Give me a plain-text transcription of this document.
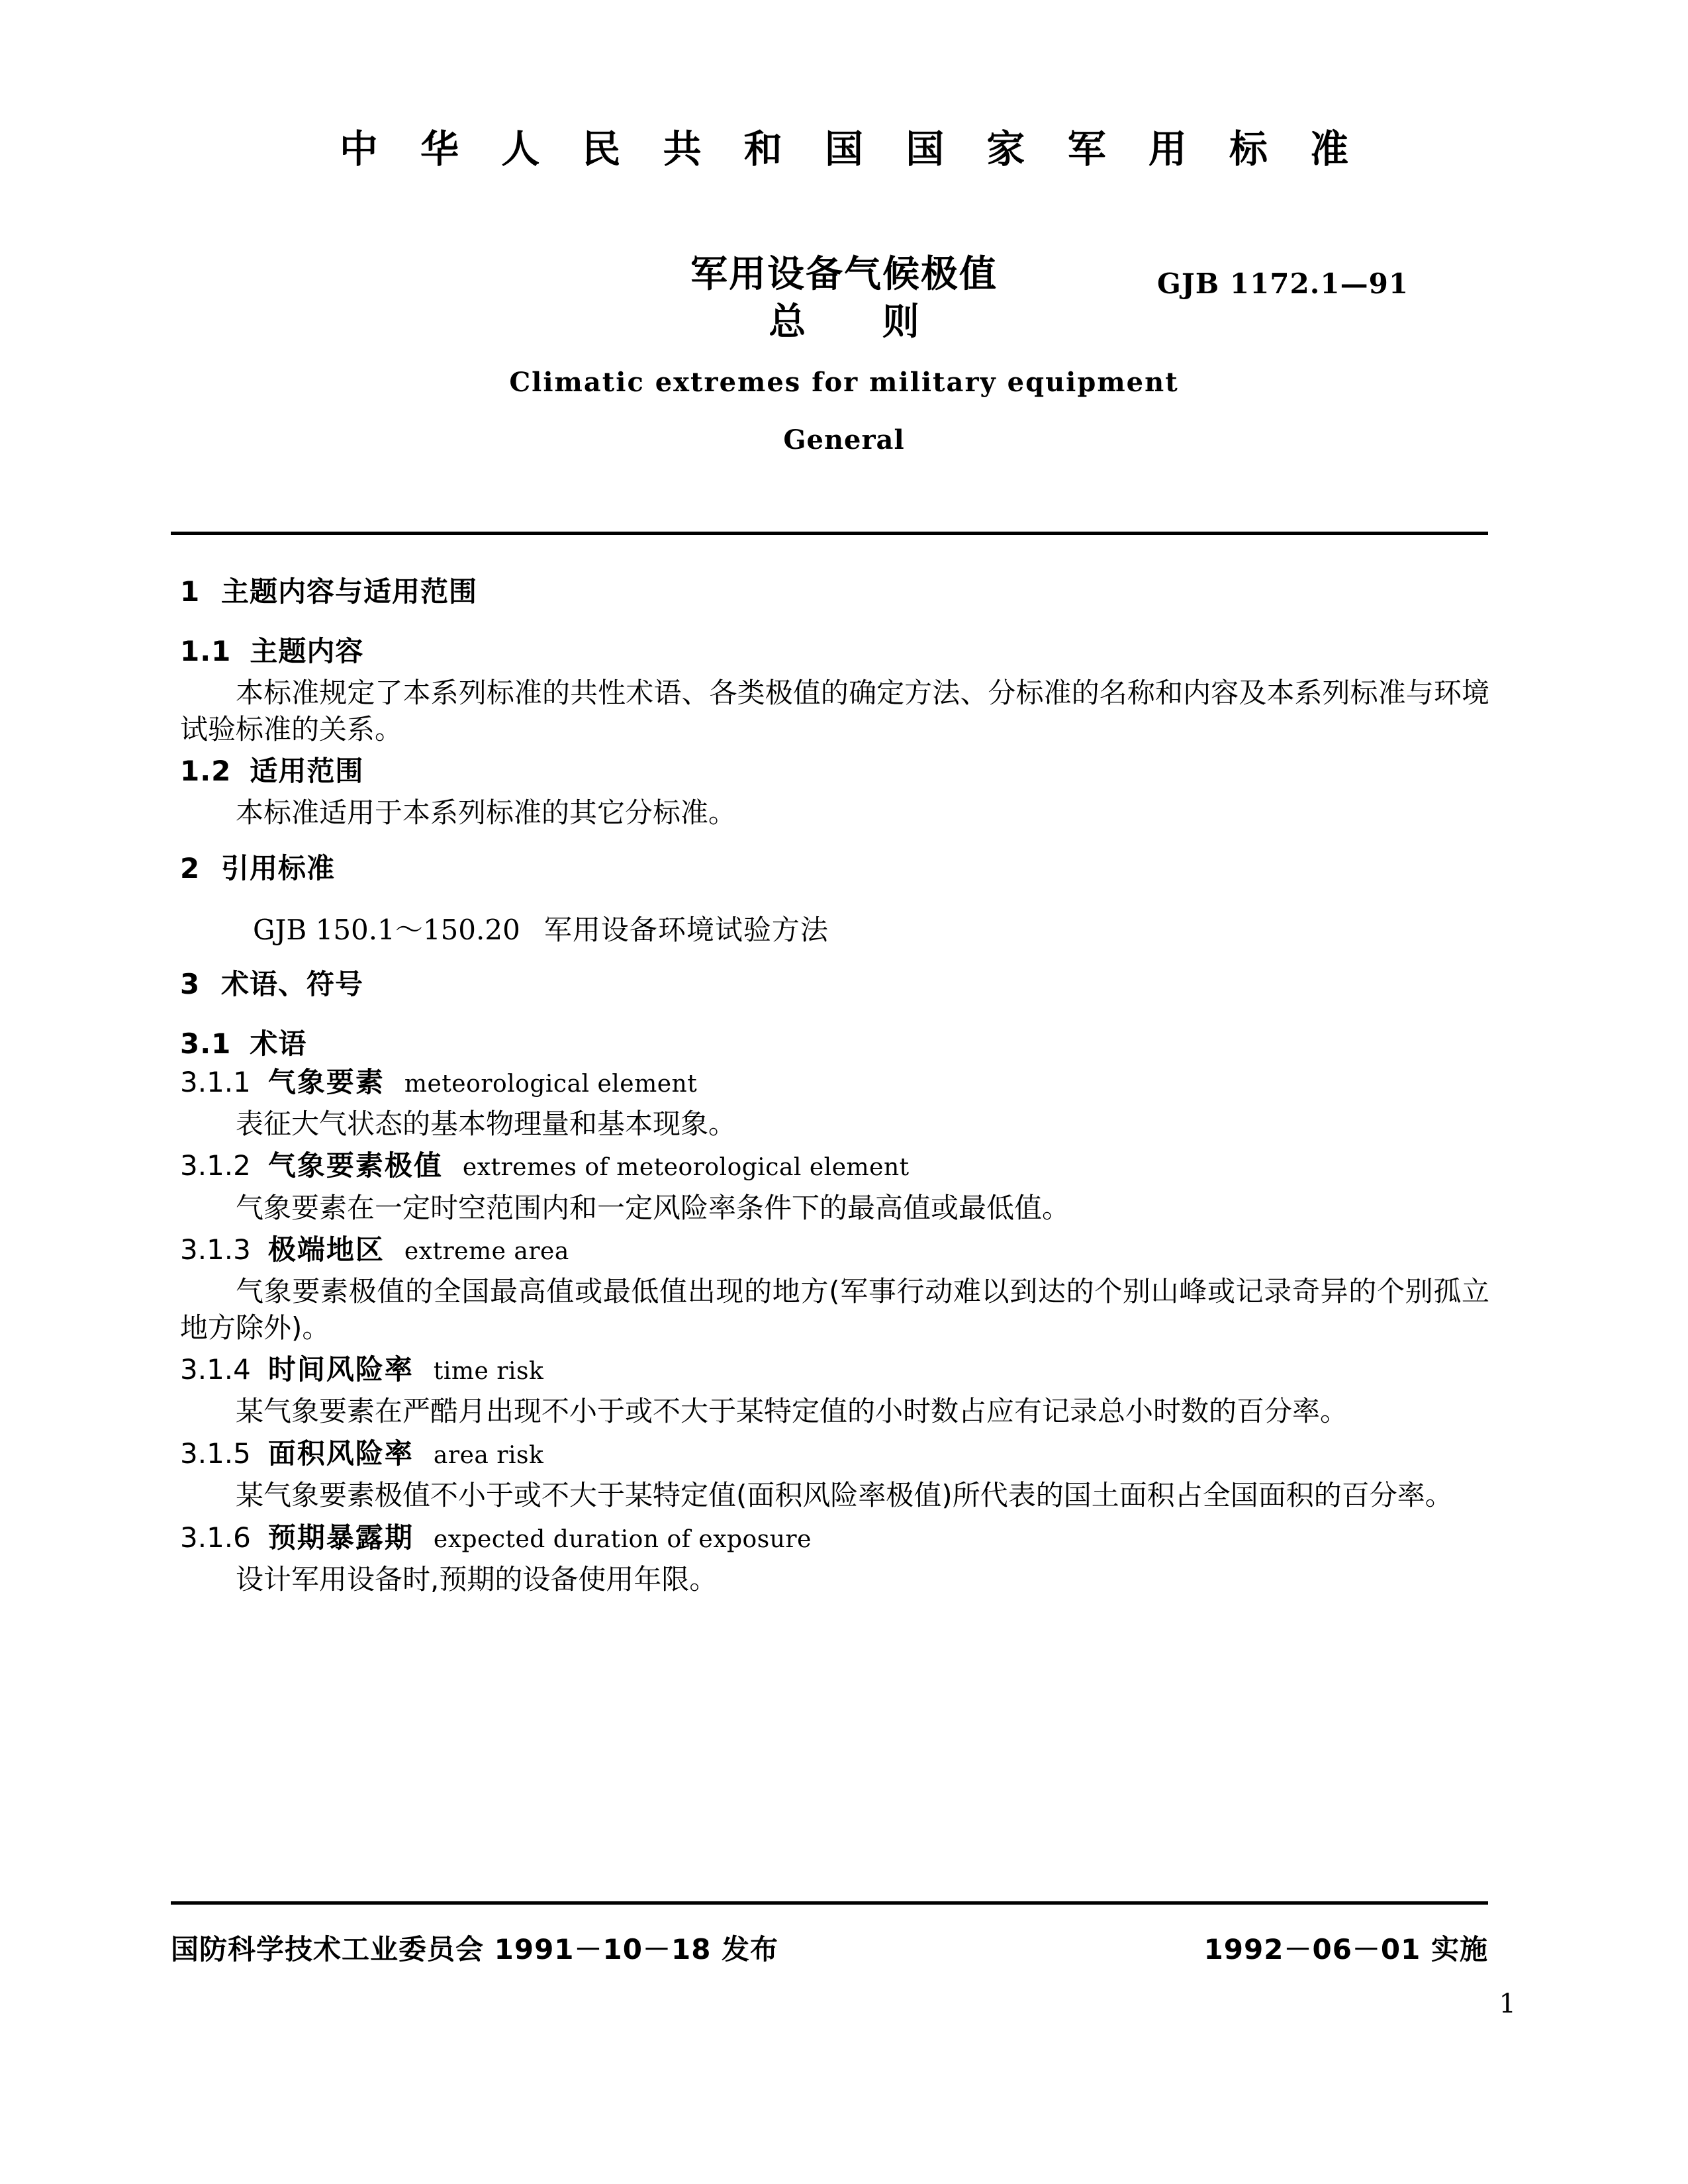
中 华 人 民 共 和 国 国 家 军 用 标 准
军用设备气候极值	GJB 1172.1—91
总 则
Climatic extremes for military equipment
General
1 主题内容与适用范围
1.1 主题内容

本标准规定了本系列标准的共性术语、各类极值的确定方法、分标准的名称和内容及本系列标准与环境试验标准的关系。

1.2 适用范围

本标准适用于本系列标准的其它分标准。

2 引用标准
GJB 150.1～150.20 军用设备环境试验方法
3 术语、符号
3.1 术语
3.1.1 气象要素 meteorological element

表征大气状态的基本物理量和基本现象。

3.1.2 气象要素极值 extremes of meteorological element

气象要素在一定时空范围内和一定风险率条件下的最高值或最低值。

3.1.3 极端地区 extreme area

气象要素极值的全国最高值或最低值出现的地方(军事行动难以到达的个别山峰或记录奇异的个别孤立地方除外)。

3.1.4 时间风险率 time risk

某气象要素在严酷月出现不小于或不大于某特定值的小时数占应有记录总小时数的百分率。

3.1.5 面积风险率 area risk

某气象要素极值不小于或不大于某特定值(面积风险率极值)所代表的国土面积占全国面积的百分率。

3.1.6 预期暴露期 expected duration of exposure

设计军用设备时,预期的设备使用年限。

国防科学技术工业委员会 1991－10－18 发布	1992－06－01 实施
1
